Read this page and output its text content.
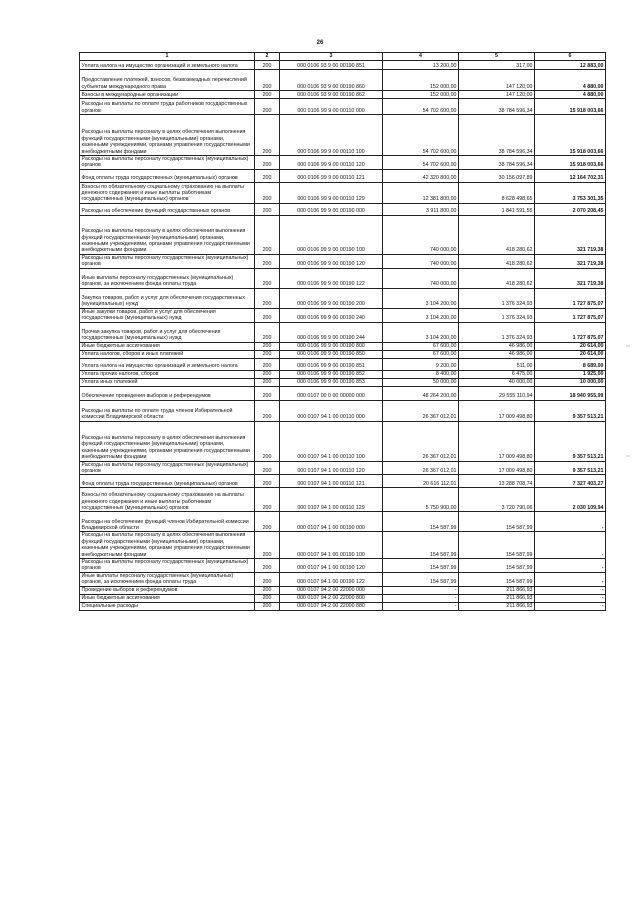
26
1	2	3	4	5	6
Уплата налога на имущество организаций и земельного налога	200	000 0106 93 9 00 00190 851	13 200,00	317,00	12 883,00
Предоставление платежей, взносов, безвозмездных перечислений субъектам международного права	200	000 0106 93 9 00 00190 860	152 000,00	147 120,00	4 880,00
Взносы в международные организации	200	000 0106 93 9 00 00190 862	152 000,00	147 120,00	4 880,00
Расходы на выплаты по оплате труда работников государственных органов	200	000 0106 99 9 00 00110 000	54 702 600,00	38 784 596,34	15 918 003,66
Расходы на выплаты персоналу в целях обеспечения выполнения функций государственными (муниципальными) органами, казенными учреждениями, органами управления государственными внебюджетными фондами	200	000 0106 99 9 00 00110 100	54 702 600,00	38 784 596,34	15 918 003,66
Расходы на выплаты персоналу государственных (муниципальных) органов	200	000 0106 99 9 00 00110 120	54 702 600,00	38 784 596,34	15 918 003,66
Фонд оплаты труда государственных (муниципальных) органов	200	000 0106 99 9 00 00110 121	42 320 800,00	30 156 097,89	12 164 702,31
Взносы по обязательному социальному страхованию на выплаты денежного содержания и иные выплаты работникам государственных (муниципальных) органов	200	000 0106 99 9 00 00110 129	12 381 800,00	8 628 498,65	3 753 301,35
Расходы на обеспечение функций государственных органов	200	000 0106 99 9 00 00190 000	3 911 800,00	1 841 591,55	2 070 208,45
Расходы на выплаты персоналу в целях обеспечения выполнения функций государственными (муниципальными) органами, казенными учреждениями, органами управления государственными внебюджетными фондами	200	000 0106 99 9 00 00190 100	740 000,00	418 280,62	321 719,38
Расходы на выплаты персоналу государственных (муниципальных) органов	200	000 0106 99 9 00 00190 120	740 000,00	418 280,62	321 719,38
Иные выплаты персоналу государственных (муниципальных) органов, за исключением фонда оплаты труда	200	000 0106 99 9 00 00190 122	740 000,00	418 280,62	321 719,38
Закупка товаров, работ и услуг для обеспечения государственных (муниципальных) нужд	200	000 0106 99 9 00 00190 200	3 104 200,00	1 376 324,93	1 727 875,07
Иные закупки товаров, работ и услуг для обеспечения государственных (муниципальных) нужд	200	000 0106 99 9 00 00190 240	3 104 200,00	1 376 324,93	1 727 875,07
Прочая закупка товаров, работ и услуг для обеспечения государственных (муниципальных) нужд	200	000 0106 99 9 00 00190 244	3 104 200,00	1 376 324,93	1 727 875,07
Иные бюджетные ассигнования	200	000 0106 99 9 00 00190 800	67 600,00	46 986,00	20 614,00
Уплата налогов, сборов и иных платежей	200	000 0106 99 9 00 00190 850	67 600,00	46 986,00	20 614,00
Уплата налога на имущество организаций и земельного налога	200	000 0106 99 9 00 00190 851	9 200,00	511,00	8 689,00
Уплата прочих налогов, сборов	200	000 0106 99 9 00 00190 852	8 400,00	6 475,00	1 925,00
Уплата иных платежей	200	000 0106 99 9 00 00190 853	50 000,00	40 000,00	10 000,00
Обеспечение проведения выборов и референдумов	200	000 0107 00 0 00 00000 000	48 264 200,00	29 555 110,94	18 940 955,99
Расходы на выплаты по оплате труда членов Избирательной комиссии Владимирской области	200	000 0107 94 1 00 00110 000	26 367 012,01	17 009 498,80	9 357 513,21
Расходы на выплаты персоналу в целях обеспечения выполнения функций государственными (муниципальными) органами, казенными учреждениями, органами управления государственными внебюджетными фондами	200	000 0107 94 1 00 00110 100	26 367 012,01	17 009 498,80	9 357 513,21
Расходы на выплаты персоналу государственных (муниципальных) органов	200	000 0107 94 1 00 00110 120	26 367 012,01	17 009 498,80	9 357 513,21
Фонд оплаты труда государственных (муниципальных) органов	200	000 0107 94 1 00 00110 121	20 616 112,01	13 288 708,74	7 327 403,27
Взносы по обязательному социальному страхованию на выплаты денежного содержания и иные выплаты работникам государственных (муниципальных) органов	200	000 0107 94 1 00 00110 129	5 750 900,00	3 720 790,06	2 030 109,94
Расходы на обеспечение функций членов Избирательной комиссии Владимирской области	200	000 0107 94 1 00 00190 000	154 587,99	154 587,99	-
Расходы на выплаты персоналу в целях обеспечения выполнения функций государственными (муниципальными) органами, казенными учреждениями, органами управления государственными внебюджетными фондами	200	000 0107 94 1 00 00190 100	154 587,99	154 587,99	-
Расходы на выплаты персоналу государственных (муниципальных) органов	200	000 0107 94 1 00 00190 120	154 587,99	154 587,99	-
Иные выплаты персоналу государственных (муниципальных) органов, за исключением фонда оплаты труда	200	000 0107 94 1 00 00190 122	154 587,99	154 587,99	-
Проведение выборов и референдумов	200	000 0107 94 2 00 22000 000	-	211 866,93	-
Иные бюджетные ассигнования	200	000 0107 94 2 00 22000 800	-	211 866,93	-
Специальные расходы	200	000 0107 94 2 00 22000 880	-	211 866,93	-
